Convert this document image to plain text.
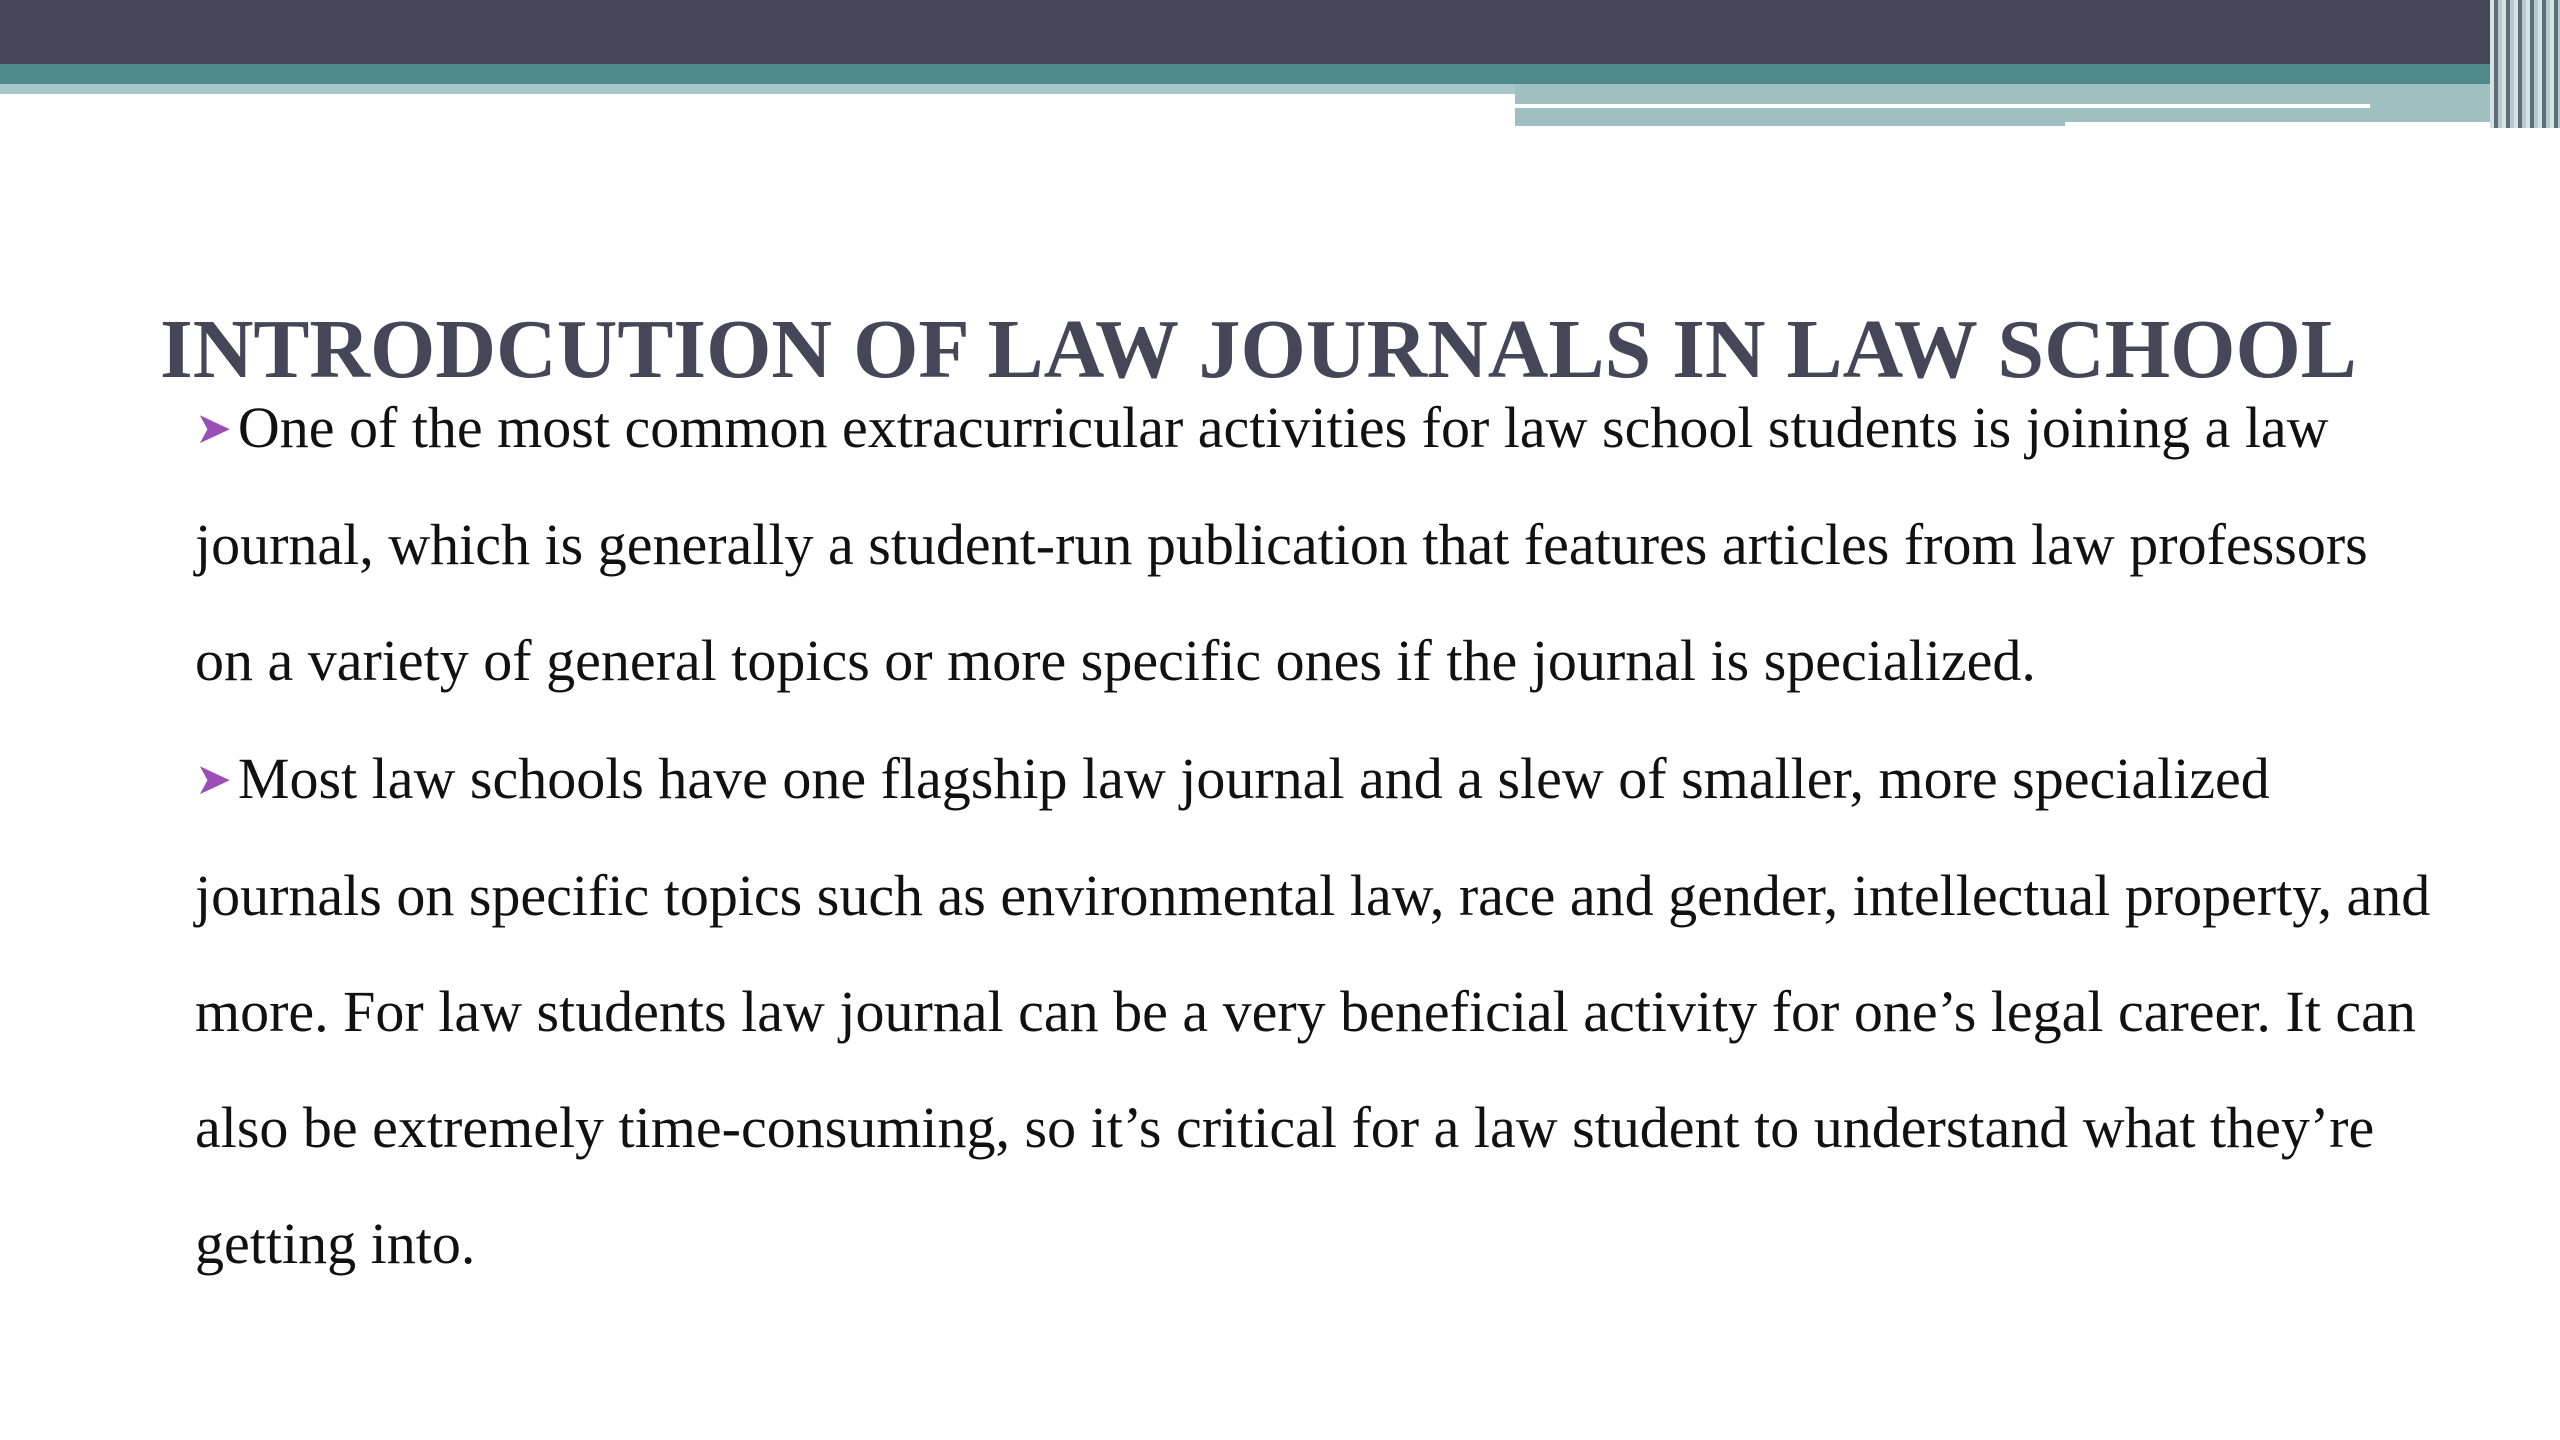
INTRODCUTION OF LAW JOURNALS IN LAW SCHOOL

➤ One of the most common extracurricular activities for law school students is joining a law journal, which is generally a student-run publication that features articles from law professors on a variety of general topics or more specific ones if the journal is specialized.

➤ Most law schools have one flagship law journal and a slew of smaller, more specialized journals on specific topics such as environmental law, race and gender, intellectual property, and more. For law students law journal can be a very beneficial activity for one’s legal career. It can also be extremely time-consuming, so it’s critical for a law student to understand what they’re getting into.
